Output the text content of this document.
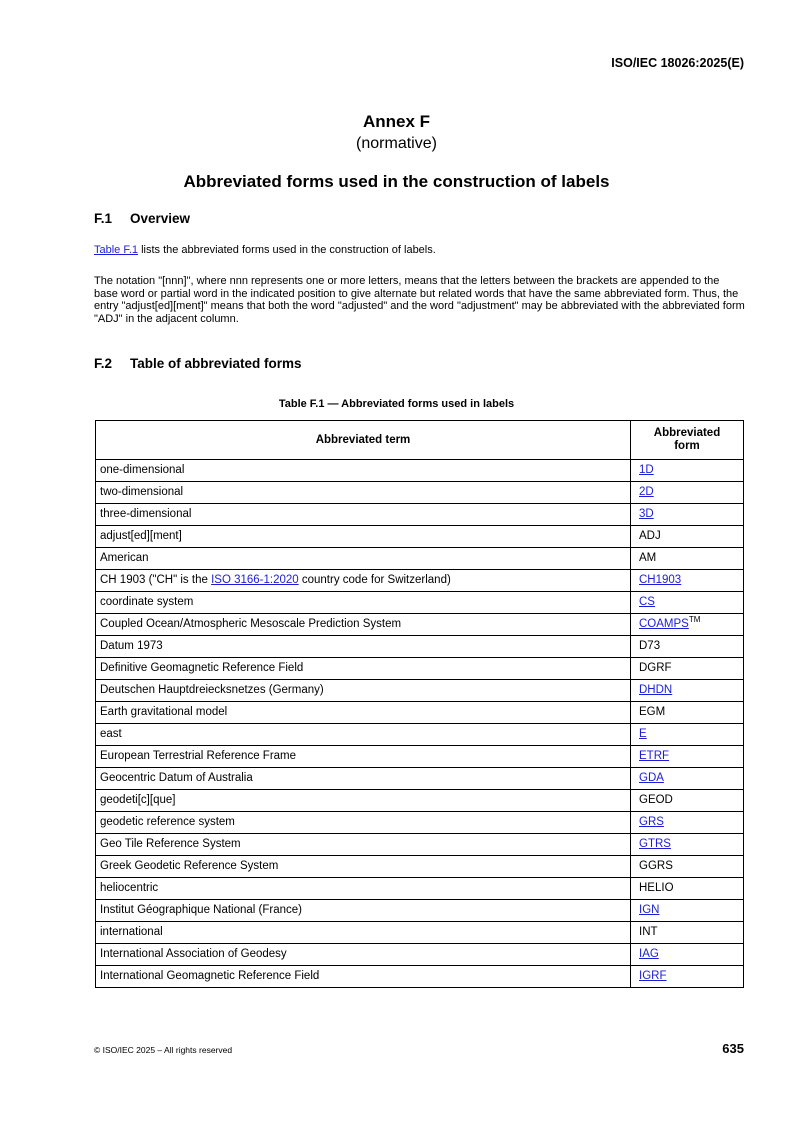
ISO/IEC 18026:2025(E)
Annex F
(normative)
Abbreviated forms used in the construction of labels
F.1 Overview
Table F.1 lists the abbreviated forms used in the construction of labels.
The notation "[nnn]", where nnn represents one or more letters, means that the letters between the brackets are appended to the base word or partial word in the indicated position to give alternate but related words that have the same abbreviated form. Thus, the entry "adjust[ed][ment]" means that both the word "adjusted" and the word "adjustment" may be abbreviated with the abbreviated form "ADJ" in the adjacent column.
F.2 Table of abbreviated forms
Table F.1 — Abbreviated forms used in labels
Abbreviated term	Abbreviated
form
one-dimensional	1D
two-dimensional	2D
three-dimensional	3D
adjust[ed][ment]	ADJ
American	AM
CH 1903 ("CH" is the ISO 3166-1:2020 country code for Switzerland)	CH1903
coordinate system	CS
Coupled Ocean/Atmospheric Mesoscale Prediction System	COAMPS™
Datum 1973	D73
Definitive Geomagnetic Reference Field	DGRF
Deutschen Hauptdreiecksnetzes (Germany)	DHDN
Earth gravitational model	EGM
east	E
European Terrestrial Reference Frame	ETRF
Geocentric Datum of Australia	GDA
geodeti[c][que]	GEOD
geodetic reference system	GRS
Geo Tile Reference System	GTRS
Greek Geodetic Reference System	GGRS
heliocentric	HELIO
Institut Géographique National (France)	IGN
international	INT
International Association of Geodesy	IAG
International Geomagnetic Reference Field	IGRF
© ISO/IEC 2025 – All rights reserved	635
